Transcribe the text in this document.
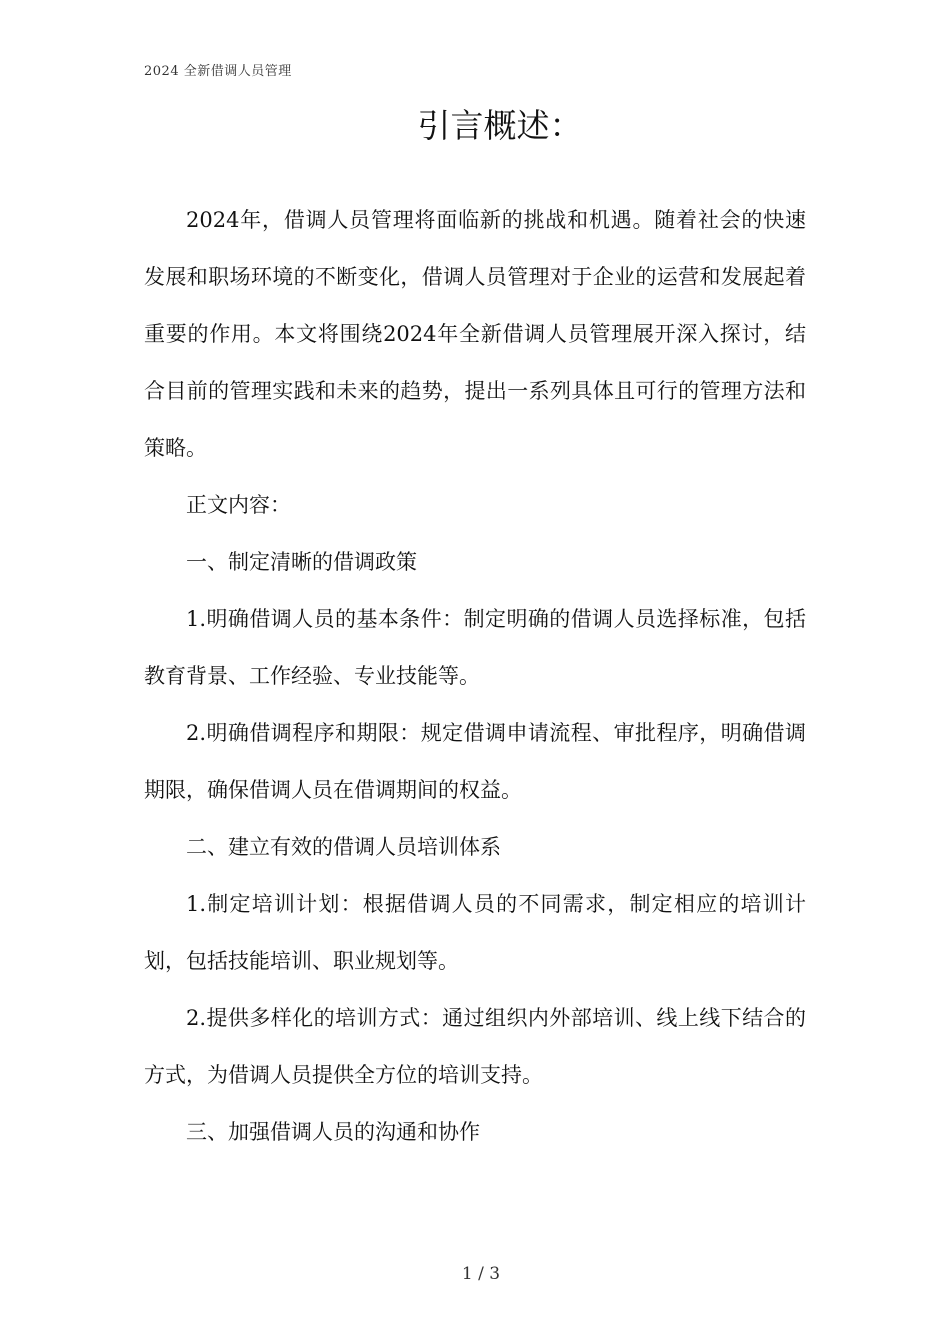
2024 全新借调人员管理
引言概述：

2024年，借调人员管理将面临新的挑战和机遇。随着社会的快速发展和职场环境的不断变化，借调人员管理对于企业的运营和发展起着重要的作用。本文将围绕2024年全新借调人员管理展开深入探讨，结合目前的管理实践和未来的趋势，提出一系列具体且可行的管理方法和策略。

正文内容：

一、制定清晰的借调政策

1.明确借调人员的基本条件：制定明确的借调人员选择标准，包括教育背景、工作经验、专业技能等。

2.明确借调程序和期限：规定借调申请流程、审批程序，明确借调期限，确保借调人员在借调期间的权益。

二、建立有效的借调人员培训体系

1.制定培训计划：根据借调人员的不同需求，制定相应的培训计划，包括技能培训、职业规划等。

2.提供多样化的培训方式：通过组织内外部培训、线上线下结合的方式，为借调人员提供全方位的培训支持。

三、加强借调人员的沟通和协作

1 / 3
